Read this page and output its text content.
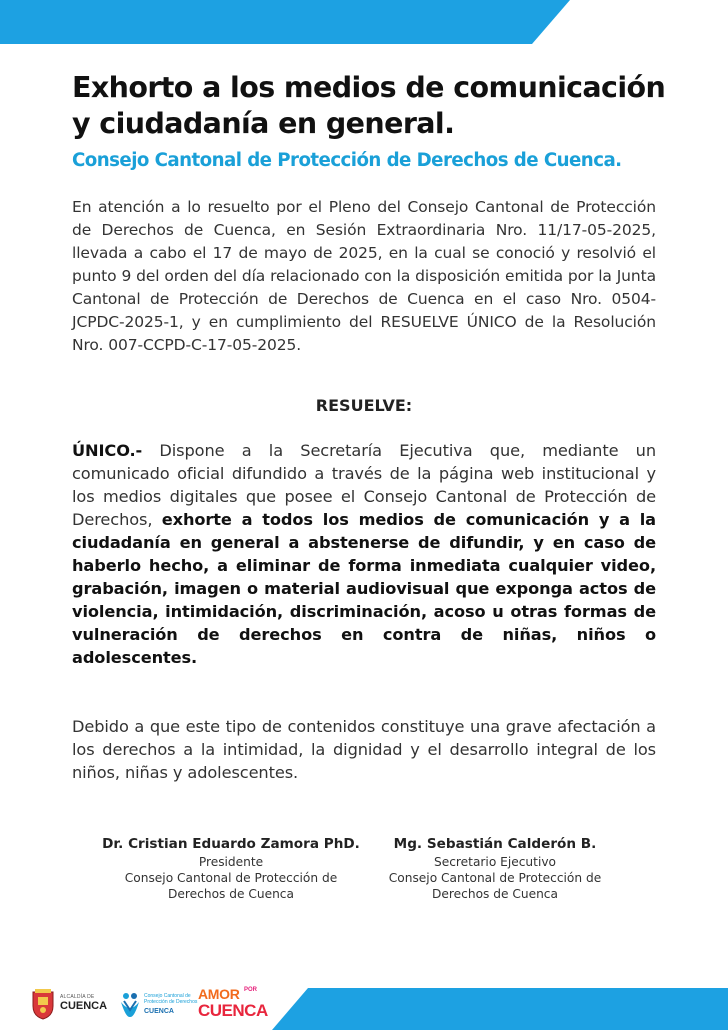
Exhorto a los medios de comunicación y ciudadanía en general.
Consejo Cantonal de Protección de Derechos de Cuenca.

En atención a lo resuelto por el Pleno del Consejo Cantonal de Protección de Derechos de Cuenca, en Sesión Extraordinaria Nro. 11/17-05-2025, llevada a cabo el 17 de mayo de 2025, en la cual se conoció y resolvió el punto 9 del orden del día relacionado con la disposición emitida por la Junta Cantonal de Protección de Derechos de Cuenca en el caso Nro. 0504-JCPDC-2025-1, y en cumplimiento del RESUELVE ÚNICO de la Resolución Nro. 007-CCPD-C-17-05-2025.

RESUELVE:

ÚNICO.- Dispone a la Secretaría Ejecutiva que, mediante un comunicado oficial difundido a través de la página web institucional y los medios digitales que posee el Consejo Cantonal de Protección de Derechos, exhorte a todos los medios de comunicación y a la ciudadanía en general a abstenerse de difundir, y en caso de haberlo hecho, a eliminar de forma inmediata cualquier video, grabación, imagen o material audiovisual que exponga actos de violencia, intimidación, discriminación, acoso u otras formas de vulneración de derechos en contra de niñas, niños o adolescentes.

Debido a que este tipo de contenidos constituye una grave afectación a los derechos a la intimidad, la dignidad y el desarrollo integral de los niños, niñas y adolescentes.

Dr. Cristian Eduardo Zamora PhD.
Presidente
Consejo Cantonal de Protección de
Derechos de Cuenca
Mg. Sebastián Calderón B.
Secretario Ejecutivo
Consejo Cantonal de Protección de
Derechos de Cuenca
ALCALDÍA DE
CUENCA
Consejo Cantonal de
Protección de Derechos
CUENCA
AMOR POR
CUENCA
